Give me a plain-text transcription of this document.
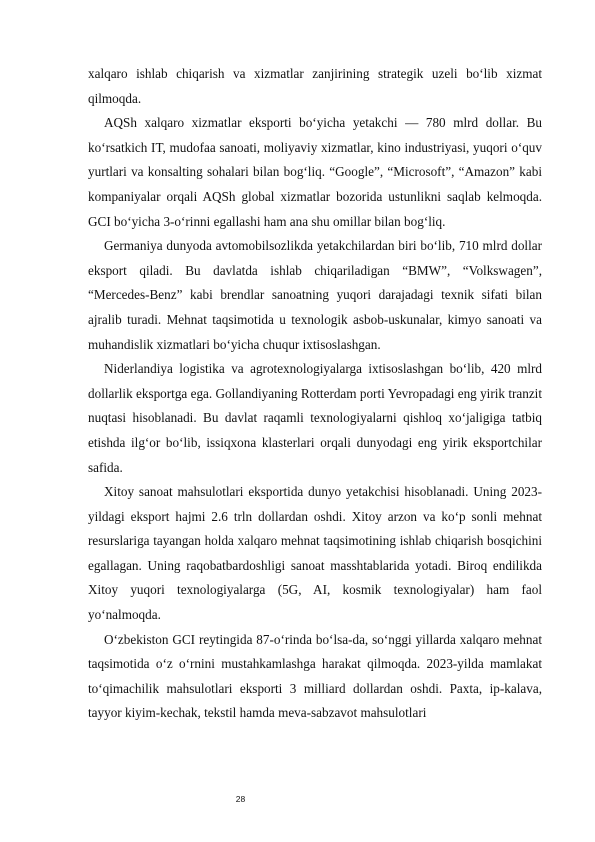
xalqaro ishlab chiqarish va xizmatlar zanjirining strategik uzeli bo‘lib xizmat qilmoqda.

AQSh xalqaro xizmatlar eksporti bo‘yicha yetakchi — 780 mlrd dollar. Bu ko‘rsatkich IT, mudofaa sanoati, moliyaviy xizmatlar, kino industriyasi, yuqori o‘quv yurtlari va konsalting sohalari bilan bog‘liq. “Google”, “Microsoft”, “Amazon” kabi kompaniyalar orqali AQSh global xizmatlar bozorida ustunlikni saqlab kelmoqda. GCI bo‘yicha 3-o‘rinni egallashi ham ana shu omillar bilan bog‘liq.

Germaniya dunyoda avtomobilsozlikda yetakchilardan biri bo‘lib, 710 mlrd dollar eksport qiladi. Bu davlatda ishlab chiqariladigan “BMW”, “Volkswagen”, “Mercedes-Benz” kabi brendlar sanoatning yuqori darajadagi texnik sifati bilan ajralib turadi. Mehnat taqsimotida u texnologik asbob-uskunalar, kimyo sanoati va muhandislik xizmatlari bo‘yicha chuqur ixtisoslashgan.

Niderlandiya logistika va agrotexnologiyalarga ixtisoslashgan bo‘lib, 420 mlrd dollarlik eksportga ega. Gollandiyaning Rotterdam porti Yevropadagi eng yirik tranzit nuqtasi hisoblanadi. Bu davlat raqamli texnologiyalarni qishloq xo‘jaligiga tatbiq etishda ilg‘or bo‘lib, issiqxona klasterlari orqali dunyodagi eng yirik eksportchilar safida.

Xitoy sanoat mahsulotlari eksportida dunyo yetakchisi hisoblanadi. Uning 2023-yildagi eksport hajmi 2.6 trln dollardan oshdi. Xitoy arzon va ko‘p sonli mehnat resurslariga tayangan holda xalqaro mehnat taqsimotining ishlab chiqarish bosqichini egallagan. Uning raqobatbardoshligi sanoat masshtablarida yotadi. Biroq endilikda Xitoy yuqori texnologiyalarga (5G, AI, kosmik texnologiyalar) ham faol yo‘nalmoqda.

O‘zbekiston GCI reytingida 87-o‘rinda bo‘lsa-da, so‘nggi yillarda xalqaro mehnat taqsimotida o‘z o‘rnini mustahkamlashga harakat qilmoqda. 2023-yilda mamlakat to‘qimachilik mahsulotlari eksporti 3 milliard dollardan oshdi. Paxta, ip-kalava, tayyor kiyim-kechak, tekstil hamda meva-sabzavot mahsulotlari

28
